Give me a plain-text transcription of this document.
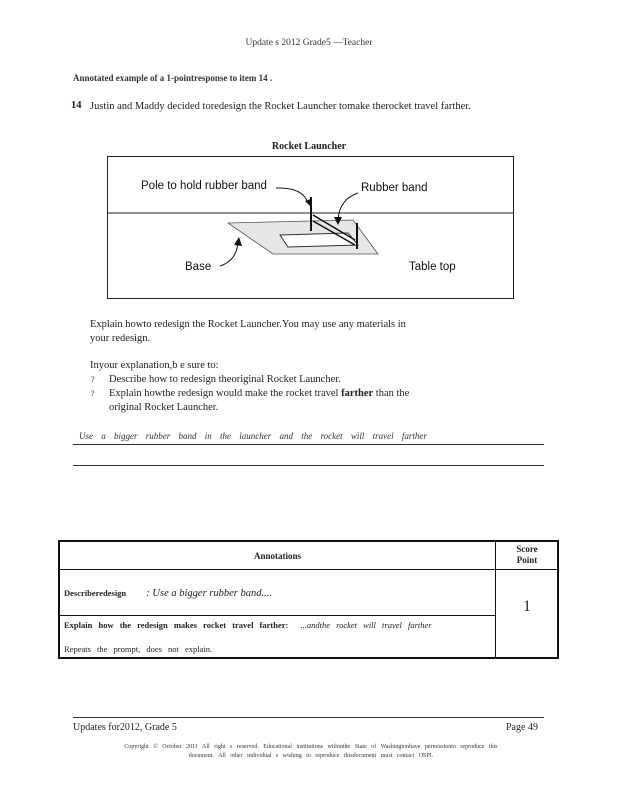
Update s 2012 Grade5 —Teacher
Annotated example of a 1-pointresponse to item 14 .
14 Justin and Maddy decided toredesign the Rocket Launcher tomake therocket travel farther.
Rocket Launcher
Pole to hold rubber band	Rubber band
Base	Table top
Explain howto redesign the Rocket Launcher.You may use any materials in
your redesign.
Inyour explanation,b e sure to:
? Describe how to redesign theoriginal Rocket Launcher.
? Explain howthe redesign would make the rocket travel farther than the
original Rocket Launcher.
Use a bigger rubber band in the launcher and the rocket will travel farther
Annotations
Score
Point
Describeredesign : Use a bigger rubber band....
Explain how the redesign makes rocket travel farther: ...andthe rocket will travel farther
Repeats the prompt, does not explain.
1
Updates for2012, Grade 5	Page 49
Copyright © October 2011 All right s reserved. Educational institutions withinthe State of Washingtonhave permissionto reproduce this
document. All other individual s wishing to reproduce thisdocument must contact OSPI.
